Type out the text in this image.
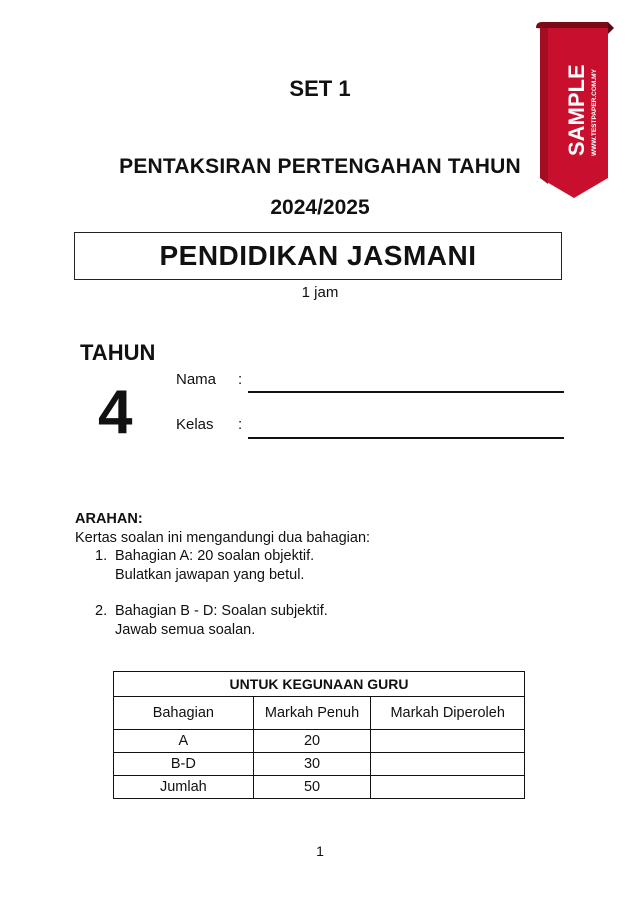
SET 1
PENTAKSIRAN PERTENGAHAN TAHUN
2024/2025
PENDIDIKAN JASMANI
1 jam
TAHUN
4	Nama :
Kelas :
ARAHAN:
Kertas soalan ini mengandungi dua bahagian:
1. Bahagian A: 20 soalan objektif.
Bulatkan jawapan yang betul.
2. Bahagian B - D: Soalan subjektif.
Jawab semua soalan.
UNTUK KEGUNAAN GURU		
Bahagian	Markah Penuh	Markah Diperoleh
A	20	
B-D	30	
Jumlah	50	
1
SAMPLE WWW.TESTPAPER.COM.MY
